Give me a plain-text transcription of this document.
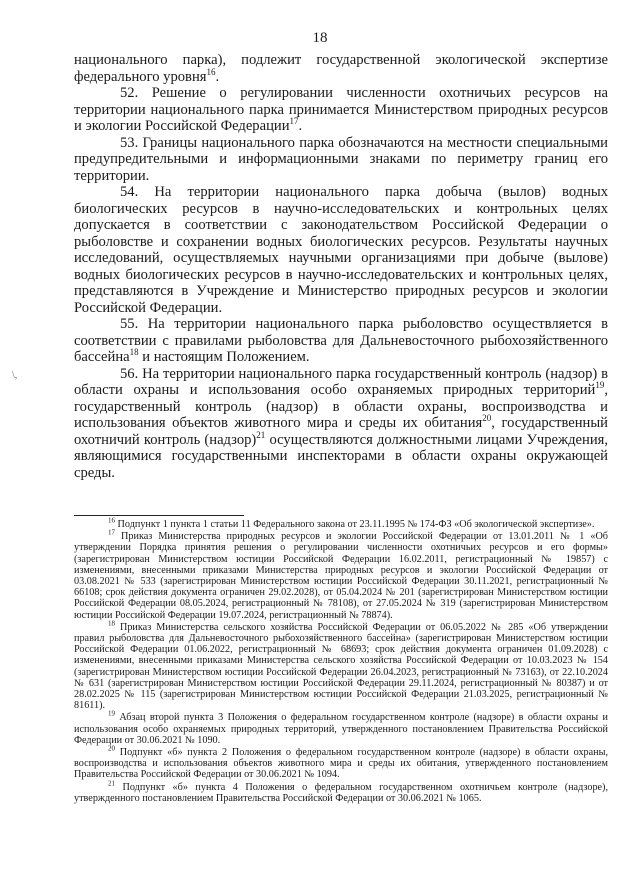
18
\,

национального парка), подлежит государственной экологической экспертизе федерального уровня$^{16}$.

52. Решение о регулировании численности охотничьих ресурсов на территории национального парка принимается Министерством природных ресурсов и экологии Российской Федерации$^{17}$.

53. Границы национального парка обозначаются на местности специальными предупредительными и информационными знаками по периметру границ его территории.

54. На территории национального парка добыча (вылов) водных биологических ресурсов в научно-исследовательских и контрольных целях допускается в соответствии с законодательством Российской Федерации о рыболовстве и сохранении водных биологических ресурсов. Результаты научных исследований, осуществляемых научными организациями при добыче (вылове) водных биологических ресурсов в научно-исследовательских и контрольных целях, представляются в Учреждение и Министерство природных ресурсов и экологии Российской Федерации.

55. На территории национального парка рыболовство осуществляется в соответствии с правилами рыболовства для Дальневосточного рыбохозяйственного бассейна$^{18}$ и настоящим Положением.

56. На территории национального парка государственный контроль (надзор) в области охраны и использования особо охраняемых природных территорий$^{19}$, государственный контроль (надзор) в области охраны, воспроизводства и использования объектов животного мира и среды их обитания$^{20}$, государственный охотничий контроль (надзор)$^{21}$ осуществляются должностными лицами Учреждения, являющимися государственными инспекторами в области охраны окружающей среды.

$^{16}$ Подпункт 1 пункта 1 статьи 11 Федерального закона от 23.11.1995 № 174-ФЗ «Об экологической экспертизе».

$^{17}$ Приказ Министерства природных ресурсов и экологии Российской Федерации от 13.01.2011 № 1 «Об утверждении Порядка принятия решения о регулировании численности охотничьих ресурсов и его формы» (зарегистрирован Министерством юстиции Российской Федерации 16.02.2011, регистрационный № 19857) с изменениями, внесенными приказами Министерства природных ресурсов и экологии Российской Федерации от 03.08.2021 № 533 (зарегистрирован Министерством юстиции Российской Федерации 30.11.2021, регистрационный № 66108; срок действия документа ограничен 29.02.2028), от 05.04.2024 № 201 (зарегистрирован Министерством юстиции Российской Федерации 08.05.2024, регистрационный № 78108), от 27.05.2024 № 319 (зарегистрирован Министерством юстиции Российской Федерации 19.07.2024, регистрационный № 78874).

$^{18}$ Приказ Министерства сельского хозяйства Российской Федерации от 06.05.2022 № 285 «Об утверждении правил рыболовства для Дальневосточного рыбохозяйственного бассейна» (зарегистрирован Министерством юстиции Российской Федерации 01.06.2022, регистрационный № 68693; срок действия документа ограничен 01.09.2028) с изменениями, внесенными приказами Министерства сельского хозяйства Российской Федерации от 10.03.2023 № 154 (зарегистрирован Министерством юстиции Российской Федерации 26.04.2023, регистрационный № 73163), от 22.10.2024 № 631 (зарегистрирован Министерством юстиции Российской Федерации 29.11.2024, регистрационный № 80387) и от 28.02.2025 № 115 (зарегистрирован Министерством юстиции Российской Федерации 21.03.2025, регистрационный № 81611).

$^{19}$ Абзац второй пункта 3 Положения о федеральном государственном контроле (надзоре) в области охраны и использования особо охраняемых природных территорий, утвержденного постановлением Правительства Российской Федерации от 30.06.2021 № 1090.

$^{20}$ Подпункт «б» пункта 2 Положения о федеральном государственном контроле (надзоре) в области охраны, воспроизводства и использования объектов животного мира и среды их обитания, утвержденного постановлением Правительства Российской Федерации от 30.06.2021 № 1094.

$^{21}$ Подпункт «б» пункта 4 Положения о федеральном государственном охотничьем контроле (надзоре), утвержденного постановлением Правительства Российской Федерации от 30.06.2021 № 1065.
